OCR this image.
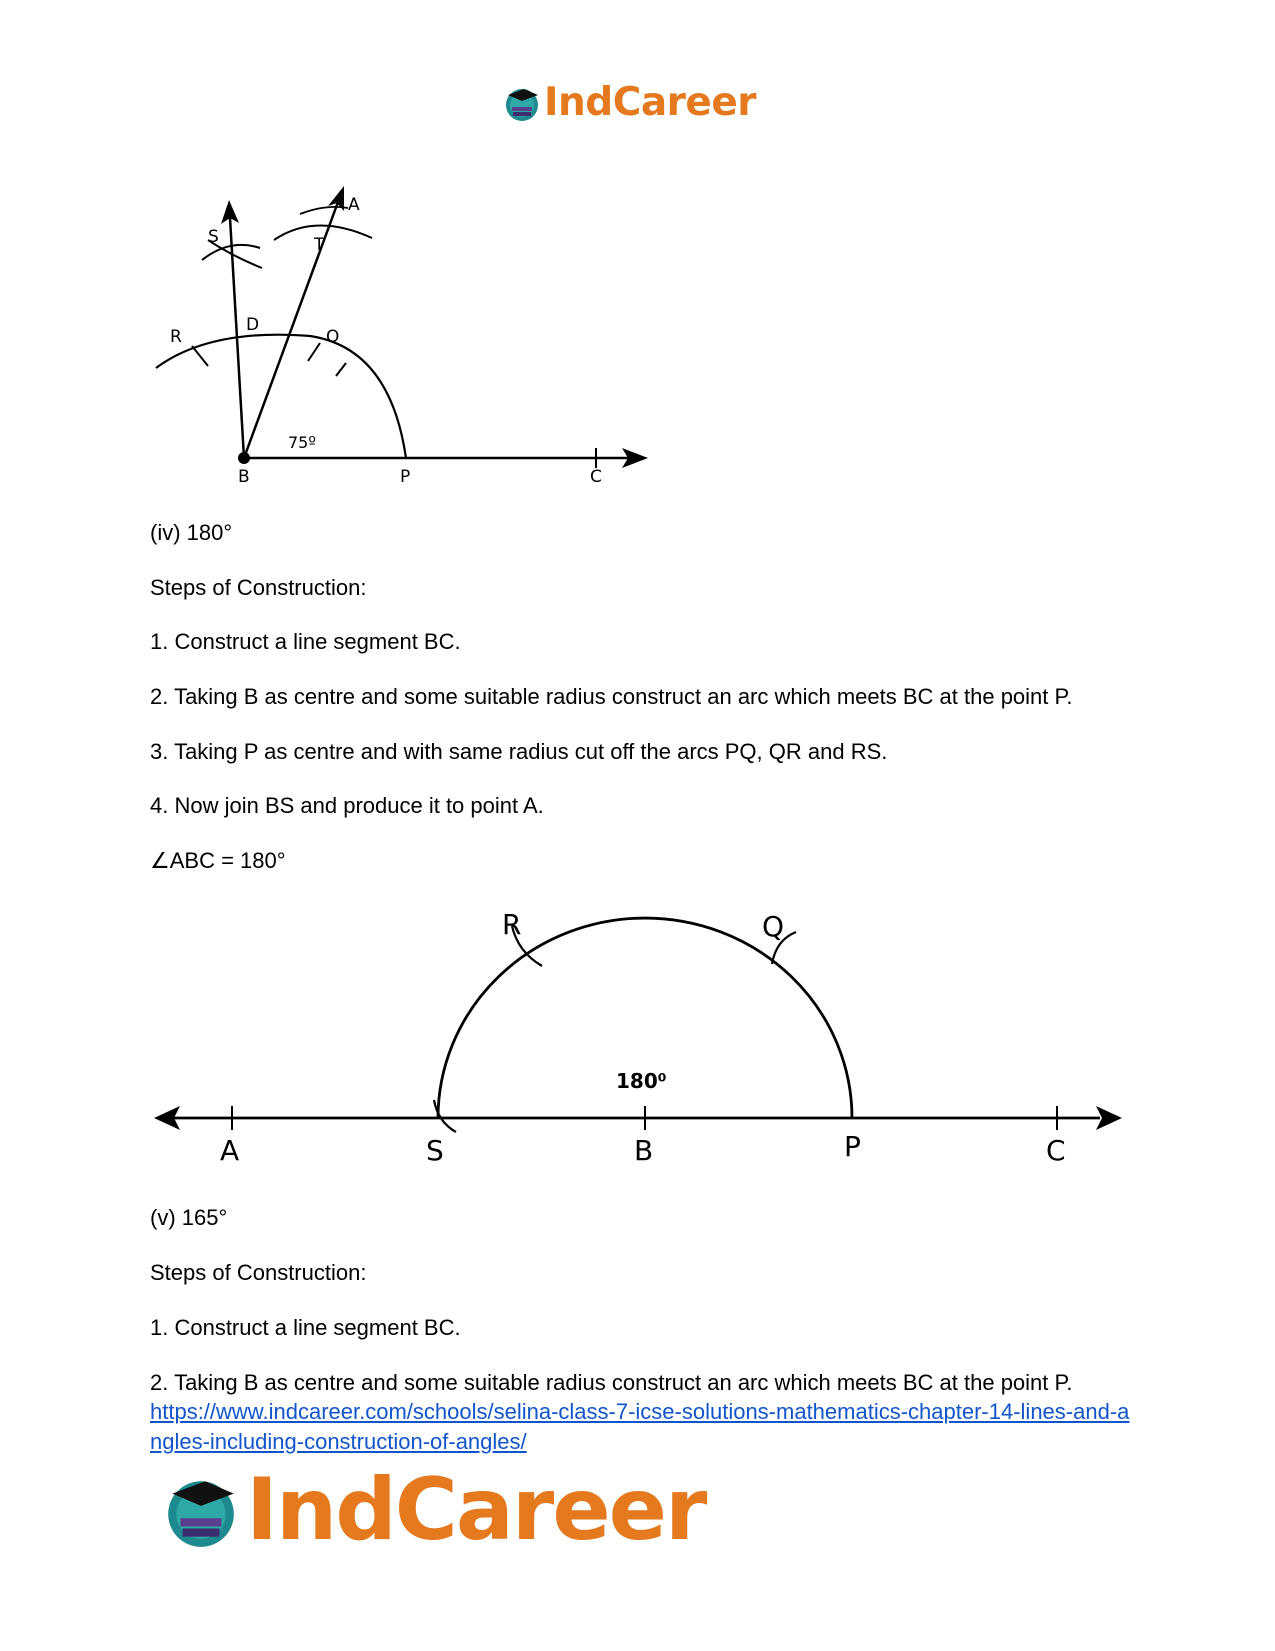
IndCareer
S
A
T
R
D
Q
B	P	C
75º
(iv) 180°
Steps of Construction:
1. Construct a line segment BC.
2. Taking B as centre and some suitable radius construct an arc which meets BC at the point P.
3. Taking P as centre and with same radius cut off the arcs PQ, QR and RS.
4. Now join BS and produce it to point A.
∠ABC = 180°
R	Q
A	S	B	P	C
180⁰
(v) 165°
Steps of Construction:
1. Construct a line segment BC.
2. Taking B as centre and some suitable radius construct an arc which meets BC at the point P.
https://www.indcareer.com/schools/selina-class-7-icse-solutions-mathematics-chapter-14-lines-and-angles-including-construction-of-angles/
IndCareer
